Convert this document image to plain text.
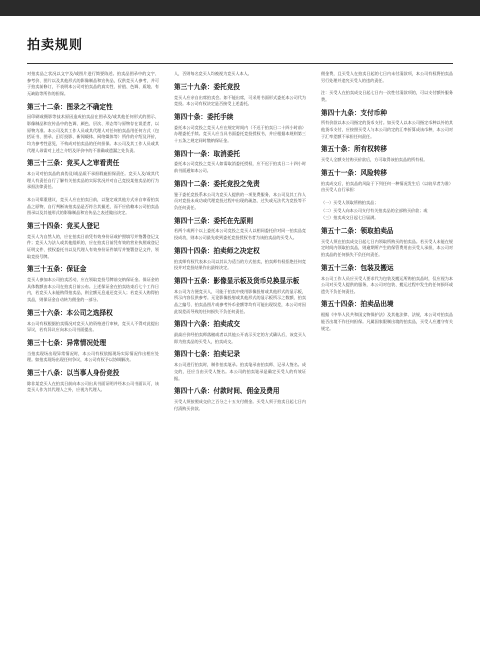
拍卖规则

对拍卖品之状况以文字及/或图片进行简要陈述。拍卖品图录中的文字、参考价、图片以及其他形式的影像制品和宣传品，仅供竞买人参考，并可于拍卖前修订，不表明本公司对拍卖品的真实性、价值、色调、质地、有无缺陷等所作的担保。

第三十二条：图录之不确定性

因印刷或摄影等技术原因造成拍卖品在图录及/或其他任何形式的图示、影像制品和宣传品中的色调、颜色、层次、形态等与原物存在误差者，以原物为准。本公司及其工作人员或其代理人对任何拍卖品用任何方式（包括证书、图录、幻灯投影、新闻载体、网络媒体等）所作的介绍及评价，均为参考性意见，不构成对拍卖品的任何担保。本公司及其工作人员或其代理人毋需对上述之介绍及评价中的不准确或遗漏之处负责。

第三十三条：竞买人之审看责任

本公司对拍卖品的真伪及/或品质不承担瑕疵担保责任。竞买人及/或其代理人有责任自行了解有关拍卖品的实际状况并对自己竞投某拍卖品的行为承担法律责任。

本公司郑重建议，竞买人应在拍卖日前，以鉴定或其他方式亲自审看拍卖品之原物，自行判断该拍卖品是否符合其描述，而不应依赖本公司拍卖品图录以及其他形式的影像制品和宣传品之表述做出决定。

第三十四条：竞买人登记

竞买人为自然人的，应在拍卖日前凭有效身份证或护照填写并签署登记文件；竞买人为法人或其他组织的，应在拍卖日前凭有效的营业执照或登记证明文件、授权委托书以及代理人有效身份证件填写并签署登记文件，领取竞投号牌。

第三十五条：保证金

竞买人参加本公司拍卖活动，应在领取竞投号牌前交纳保证金。保证金的具体数额由本公司在拍卖日前公布。上述保证金在拍卖结束后七个工作日内，若竞买人未能购得拍卖品，则全额无息退还竞买人；若竞买人购得拍卖品，则保证金自动转为佣金的一部分。

第三十六条：本公司之选择权

本公司有权根据拍卖情况对竞买人的资格进行审核，竞买人不得对此提出异议，若有异议应向本公司书面提出。

第三十七条：异常情况处理

当拍卖现场出现异常情况时，本公司有权依据现场实际情况作出相应处理。如拍卖现场出现任何争议，本公司有权予以协调解决。

第三十八条：以当事人身份竞投

除非某竞买人在拍卖日前向本公司出具书面证明并经本公司书面认可，该竞买人作为其代理人之外，应视为代理人。

人，否则每名竞买人均被视为竞买人本人。

第三十九条：委托竞投

竞买人应亲自出席拍卖会。如不能出席，可采用书面形式委托本公司代为竞投。本公司有权决定是否接受上述委托。

第四十条：委托手续

委托本公司竞投之竞买人应在规定时间内（不迟于拍卖日二十四小时前）办理委托手续。竞买人应当具书面委托竞投授权书，并应根据本规则第三十五条之规定同时缴纳保证金。

第四十一条：取消委托

委托本公司竞投之竞买人如需取消委托授权，应不迟于拍卖日二十四小时前书面通知本公司。

第四十二条：委托竞投之免责

鉴于委托竞投系本公司为竞买人提供的一项免费服务，本公司及其工作人员对竞投未成功或代理竞投过程中出现的疏忽、过失或无法代为竞投等不负任何责任。

第四十三条：委托在先原则

若两个或两个以上委托本公司竞投之竞买人以相同委托价对同一拍卖品竞投成功，则本公司最先收到委托竞投授权书者为该拍卖品的买受人。

第四十四条：拍卖师之决定权

拍卖师有权代表本公司以其认为适当的方式拍卖，拍卖师有权拒绝任何竞投并对竞投结果作出最终决定。

第四十五条：影像显示板及货币兑换显示板

本公司为方便竞买人，可能于拍卖中使用影像投射或其他形式的显示板，所示内容仅供参考。无论影像投射或其他形式的显示板所示之数额、拍卖品之编号、拍卖品图片或参考外币金额等均有可能出现误差，本公司对因此误差而导致的任何损失不负任何责任。

第四十六条：拍卖成交

最高应价经拍卖师落槌或者以其他公开表示买定的方式确认后，该竞买人即为拍卖品的买受人，拍卖成交。

第四十七条：拍卖记录

本公司进行拍卖时，制作拍卖笔录。拍卖笔录由拍卖师、记录人签名。成交的，还应当由买受人签名。本公司的拍卖笔录是确定买受人的有效证据。

第四十八条：付款时间、佣金及费用

买受人须按照成交价之百分之十五支付佣金。买受人须于拍卖日起七日内付清购买价款。

佣金费，且买受人在拍卖日起的七日内未付清款项，本公司有权将拍卖品另行处理并追究买受人的违约责任。

注：买受人在拍卖成交日起七日内一次性付清款项的，可以支付额外服务费。

第四十九条：支付币种

所有价款以本公司指定的货币支付。如买受人以本公司指定币种以外的其他货币支付，应按照买受人与本公司约定的汇率折算成该币种，本公司对于汇率差额不承担任何责任。

第五十条：所有权转移

买受人全额支付购买价款后，方可取得该拍卖品的所有权。

第五十一条：风险转移

拍卖成交后，拍卖品的风险于下列任何一种情况发生后（以较早者为准）由买受人自行承担：

（一）买受人领取所购拍卖品；
（二）买受人向本公司支付有关拍卖品的全部购买价款；或
（三）拍卖成交日起七日届满。
第五十二条：领取拍卖品

买受人须在拍卖成交日起七日内领取所购买的拍卖品。若买受人未能在规定时间内领取拍卖品，则逾期所产生的保管费用由买受人承担，本公司对拍卖品的任何损失不负任何责任。

第五十三条：包装及搬运

本公司工作人员应买受人要求代为包装及搬运所购拍卖品时，仅应视为本公司对买受人提供的服务，本公司对包装、搬运过程中发生的任何损坏或遗失不负任何责任。

第五十四条：拍卖品出境

根据《中华人民共和国文物保护法》及其他法律、法规，本公司对拍卖品能否出境不作任何担保。凡属国家限制出境的拍卖品，买受人应遵守有关规定。
